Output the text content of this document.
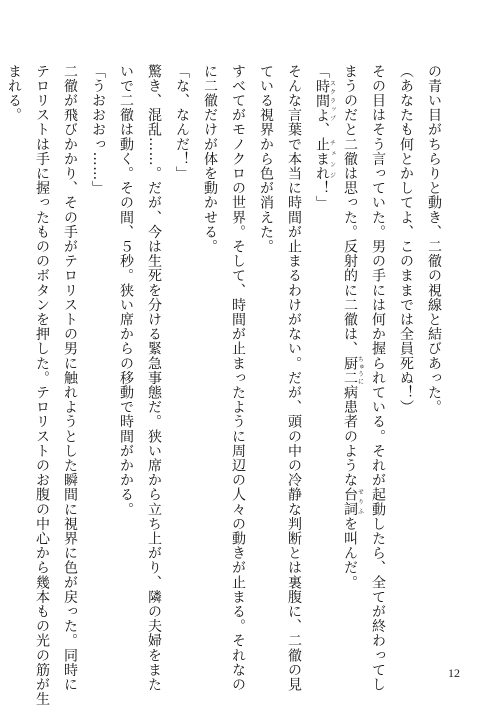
の青い目がちらりと動き、二徹の視線と結びあった。

（あなたも何とかしてよ、このままでは全員死ぬ！）

その目はそう言っていた。男の手には何か握られている。それが起動したら、全てが終わってし

まうのだと二徹は思った。反射的に二徹は、厨二ちゅうに病患者のような台詞せりふを叫んだ。

「時間よスクラップ、止まれチェンジ！」

そんな言葉で本当に時間が止まるわけがない。だが、頭の中の冷静な判断とは裏腹に、二徹の見

ている視界から色が消えた。

すべてがモノクロの世界。そして、時間が止まったように周辺の人々の動きが止まる。それなの

に二徹だけが体を動かせる。

「な、なんだ！」

驚き、混乱……。だが、今は生死を分ける緊急事態だ。狭い席から立ち上がり、隣の夫婦をまた

いで二徹は動く。その間、５秒。狭い席からの移動で時間がかかる。

「うおおおっ……」

二徹が飛びかかり、その手がテロリストの男に触れようとした瞬間に視界に色が戻った。同時に

テロリストは手に握ったもののボタンを押した。テロリストのお腹の中心から幾本もの光の筋が生

まれる。

12
